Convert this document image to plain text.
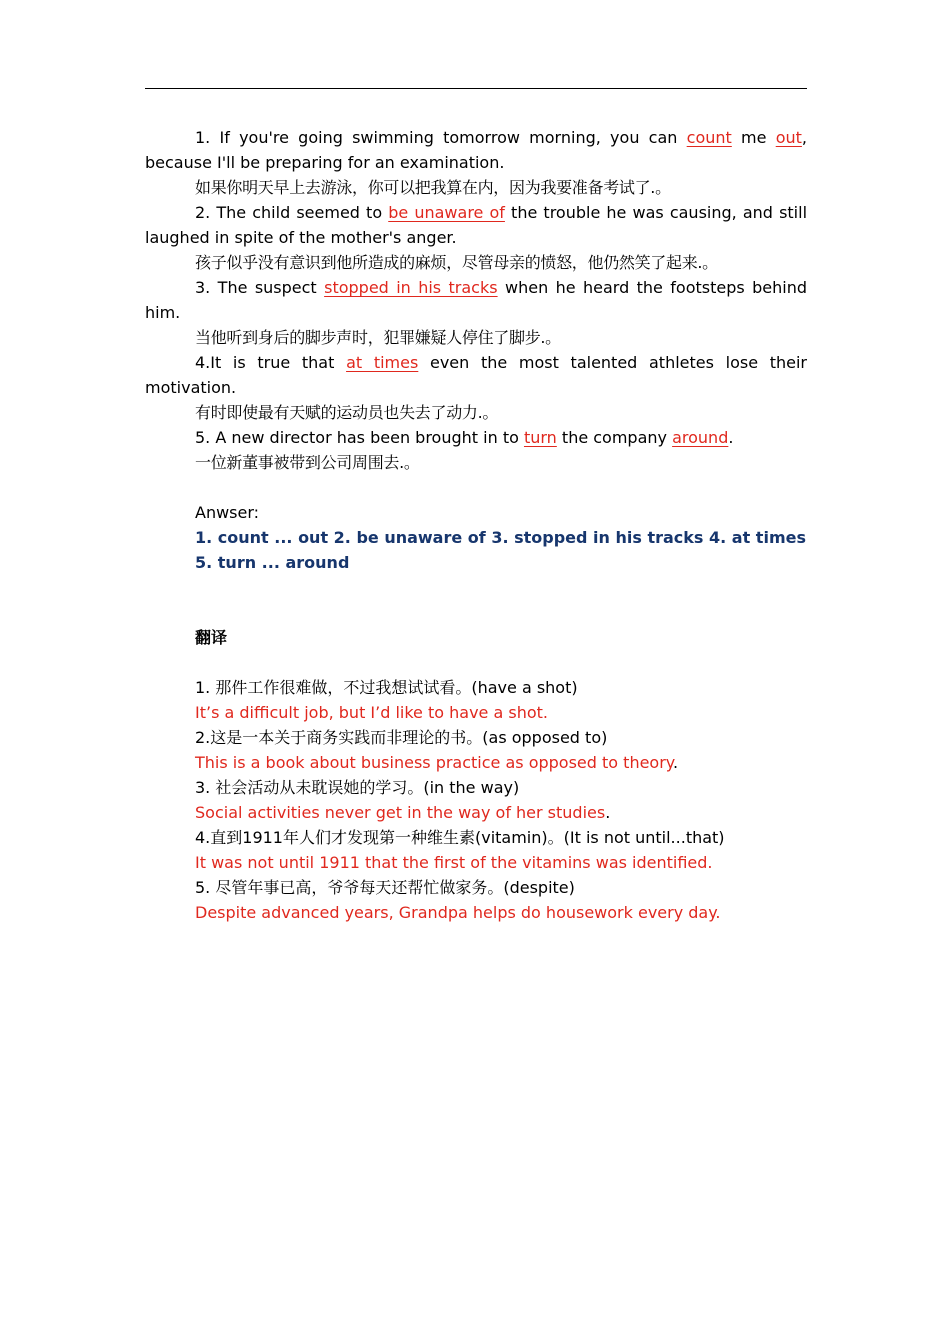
1. If you're going swimming tomorrow morning, you can count me out, because I'll be preparing for an examination.

如果你明天早上去游泳，你可以把我算在内，因为我要准备考试了.。

2. The child seemed to be unaware of the trouble he was causing, and still laughed in spite of the mother's anger.

孩子似乎没有意识到他所造成的麻烦，尽管母亲的愤怒，他仍然笑了起来.。

3. The suspect stopped in his tracks when he heard the footsteps behind him.

当他听到身后的脚步声时，犯罪嫌疑人停住了脚步.。

4.It is true that at times even the most talented athletes lose their motivation.

有时即使最有天赋的运动员也失去了动力.。

5. A new director has been brought in to turn the company around.

一位新董事被带到公司周围去.。

Anwser:

1. count ... out 2. be unaware of 3. stopped in his tracks 4. at times

5. turn ... around

翻译

1. 那件工作很难做，不过我想试试看。(have a shot)

It’s a difficult job, but I’d like to have a shot.

2.这是一本关于商务实践而非理论的书。(as opposed to)

This is a book about business practice as opposed to theory.

3. 社会活动从未耽误她的学习。(in the way)

Social activities never get in the way of her studies.

4.直到1911年人们才发现第一种维生素(vitamin)。(It is not until...that)

It was not until 1911 that the first of the vitamins was identified.

5. 尽管年事已高，爷爷每天还帮忙做家务。(despite)

Despite advanced years, Grandpa helps do housework every day.
